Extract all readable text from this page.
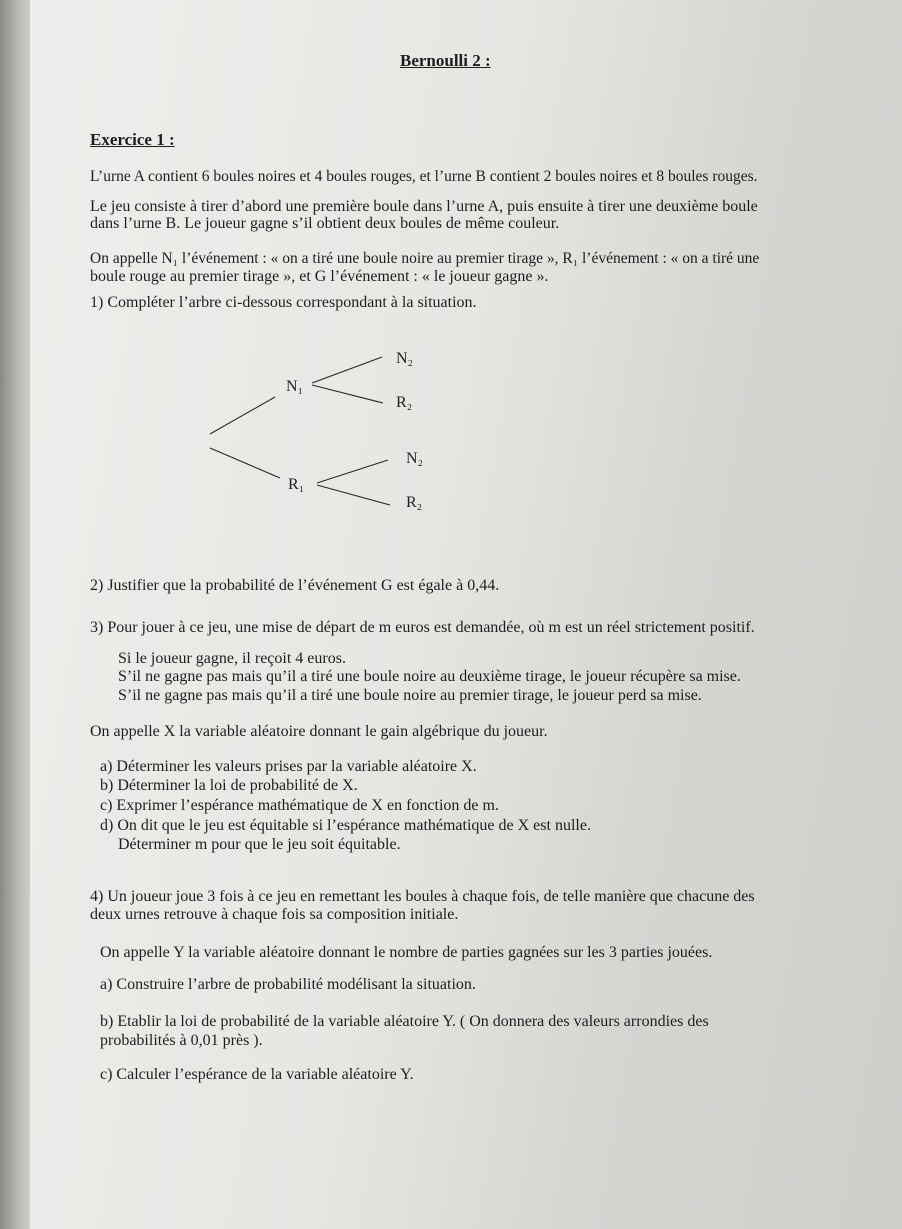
Bernoulli 2 :
Exercice 1 :
L’urne A contient 6 boules noires et 4 boules rouges, et l’urne B contient 2 boules noires et 8 boules rouges.
Le jeu consiste à tirer d’abord une première boule dans l’urne A, puis ensuite à tirer une deuxième boule
dans l’urne B. Le joueur gagne s’il obtient deux boules de même couleur.
On appelle N₁ l’événement : « on a tiré une boule noire au premier tirage », R₁ l’événement : « on a tiré une
boule rouge au premier tirage », et G l’événement : « le joueur gagne ».
1) Compléter l’arbre ci-dessous correspondant à la situation.
N₁
R₁
N₂
R₂
N₂
R₂
2) Justifier que la probabilité de l’événement G est égale à 0,44.
3) Pour jouer à ce jeu, une mise de départ de m euros est demandée, où m est un réel strictement positif.
Si le joueur gagne, il reçoit 4 euros.
S’il ne gagne pas mais qu’il a tiré une boule noire au deuxième tirage, le joueur récupère sa mise.
S’il ne gagne pas mais qu’il a tiré une boule noire au premier tirage, le joueur perd sa mise.
On appelle X la variable aléatoire donnant le gain algébrique du joueur.
a) Déterminer les valeurs prises par la variable aléatoire X.
b) Déterminer la loi de probabilité de X.
c) Exprimer l’espérance mathématique de X en fonction de m.
d) On dit que le jeu est équitable si l’espérance mathématique de X est nulle.
Déterminer m pour que le jeu soit équitable.
4) Un joueur joue 3 fois à ce jeu en remettant les boules à chaque fois, de telle manière que chacune des
deux urnes retrouve à chaque fois sa composition initiale.
On appelle Y la variable aléatoire donnant le nombre de parties gagnées sur les 3 parties jouées.
a) Construire l’arbre de probabilité modélisant la situation.
b) Etablir la loi de probabilité de la variable aléatoire Y. ( On donnera des valeurs arrondies des
probabilités à 0,01 près ).
c) Calculer l’espérance de la variable aléatoire Y.
